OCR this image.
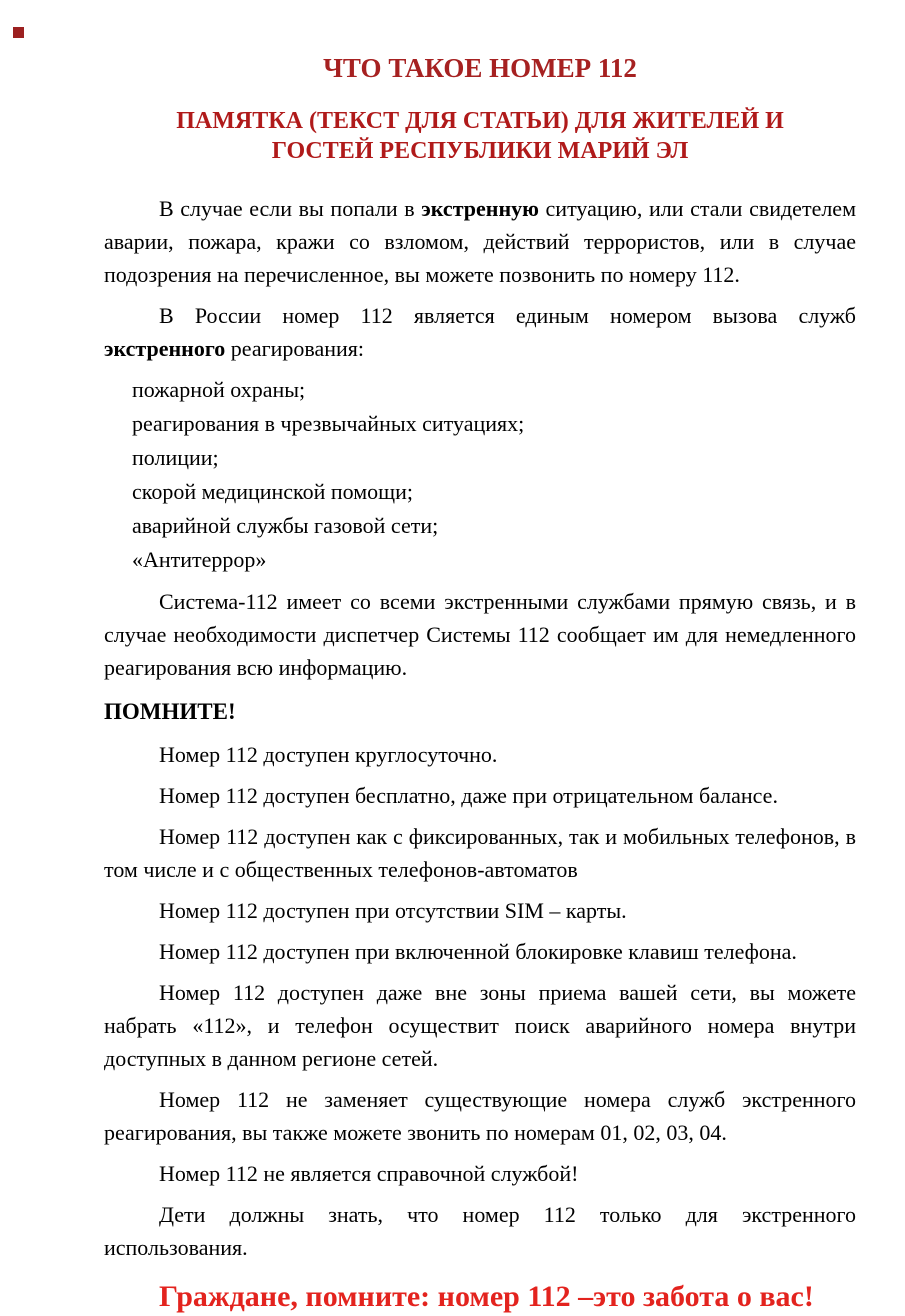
ЧТО ТАКОЕ НОМЕР 112
ПАМЯТКА (ТЕКСТ ДЛЯ СТАТЬИ) ДЛЯ ЖИТЕЛЕЙ И ГОСТЕЙ РЕСПУБЛИКИ МАРИЙ ЭЛ

В случае если вы попали в экстренную ситуацию, или стали свидетелем аварии, пожара, кражи со взломом, действий террористов, или в случае подозрения на перечисленное, вы можете позвонить по номеру 112.

В России номер 112 является единым номером вызова служб экстренного реагирования:

пожарной охраны;
реагирования в чрезвычайных ситуациях;
полиции;
скорой медицинской помощи;
аварийной службы газовой сети;
«Антитеррор»

Система-112 имеет со всеми экстренными службами прямую связь, и в случае необходимости диспетчер Системы 112 сообщает им для немедленного реагирования всю информацию.

ПОМНИТЕ!

Номер 112 доступен круглосуточно.

Номер 112 доступен бесплатно, даже при отрицательном балансе.

Номер 112 доступен как с фиксированных, так и мобильных телефонов, в том числе и с общественных телефонов-автоматов

Номер 112 доступен при отсутствии SIM – карты.

Номер 112 доступен при включенной блокировке клавиш телефона.

Номер 112 доступен даже вне зоны приема вашей сети, вы можете набрать «112», и телефон осуществит поиск аварийного номера внутри доступных в данном регионе сетей.

Номер 112 не заменяет существующие номера служб экстренного реагирования, вы также можете звонить по номерам 01, 02, 03, 04.

Номер 112 не является справочной службой!

Дети должны знать, что номер 112 только для экстренного использования.

Граждане, помните: номер 112 –это забота о вас!
